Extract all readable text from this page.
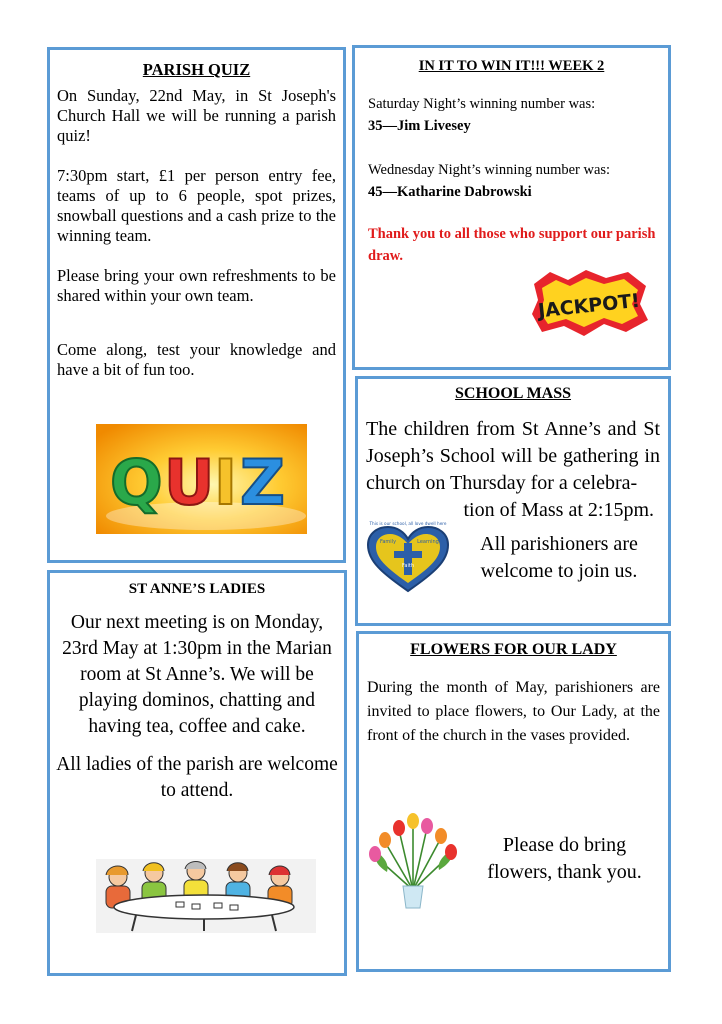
PARISH QUIZ

On Sunday, 22nd May, in St Joseph's Church Hall we will be running a parish quiz!

7:30pm start, £1 per person entry fee, teams of up to 6 people, spot prizes, snowball questions and a cash prize to the winning team.

Please bring your own refreshments to be shared within your own team.

Come along, test your knowledge and have a bit of fun too.

Q U I Z

IN IT TO WIN IT!!! WEEK 2

Saturday Night’s winning number was:

35—Jim Livesey

Wednesday Night’s winning number was:

45—Katharine Dabrowski

Thank you to all those who support our parish draw.

JACKPOT!

SCHOOL MASS

The children from St Anne’s and St Joseph’s School will be gathering in church on Thursday for a celebra-

tion of Mass at 2:15pm.

This is our school, all love dwell here
Family	Learning
Faith

All parishioners are welcome to join us.

ST ANNE’S LADIES

Our next meeting is on Monday, 23rd May at 1:30pm in the Marian room at St Anne’s. We will be playing dominos, chatting and having tea, coffee and cake.

All ladies of the parish are welcome to attend.

FLOWERS FOR OUR LADY

During the month of May, parishioners are invited to place flowers, to Our Lady, at the front of the church in the vases provided.

Please do bring flowers, thank you.
